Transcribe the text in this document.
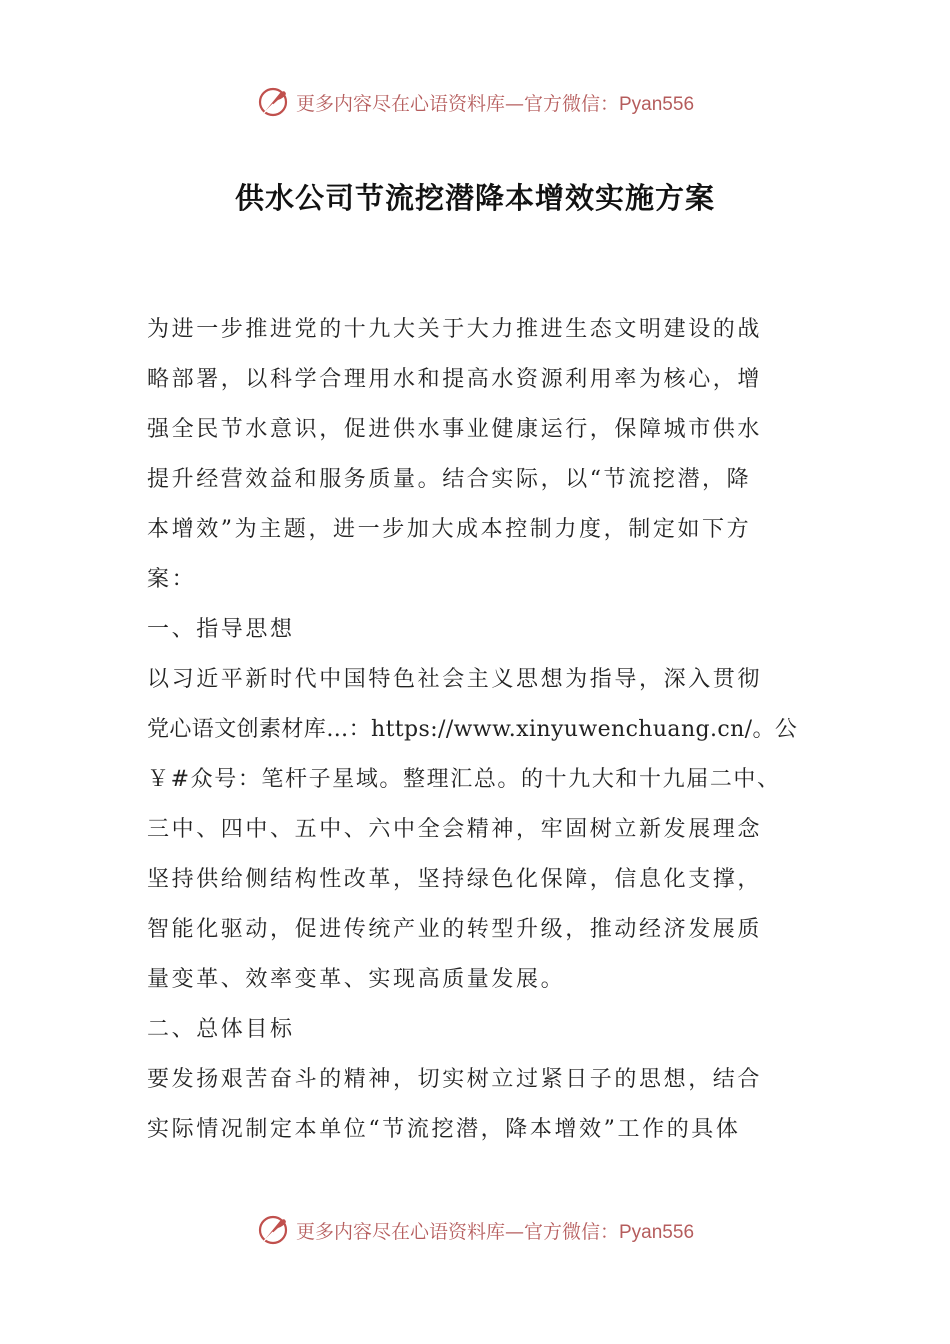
更多内容尽在心语资料库—官方微信：Pyan556
供水公司节流挖潜降本增效实施方案
为进一步推进党的十九大关于大力推进生态文明建设的战
略部署，以科学合理用水和提高水资源利用率为核心，增
强全民节水意识，促进供水事业健康运行，保障城市供水
提升经营效益和服务质量。结合实际，以“节流挖潜，降
本增效”为主题，进一步加大成本控制力度，制定如下方
案：
一、指导思想
以习近平新时代中国特色社会主义思想为指导，深入贯彻
党心语文创素材库…：https://www.xinyuwenchuang.cn/。公
￥#众号：笔杆子星域。整理汇总。的十九大和十九届二中、
三中、四中、五中、六中全会精神，牢固树立新发展理念
坚持供给侧结构性改革，坚持绿色化保障，信息化支撑，
智能化驱动，促进传统产业的转型升级，推动经济发展质
量变革、效率变革、实现高质量发展。
二、总体目标
要发扬艰苦奋斗的精神，切实树立过紧日子的思想，结合
实际情况制定本单位“节流挖潜，降本增效”工作的具体
更多内容尽在心语资料库—官方微信：Pyan556
